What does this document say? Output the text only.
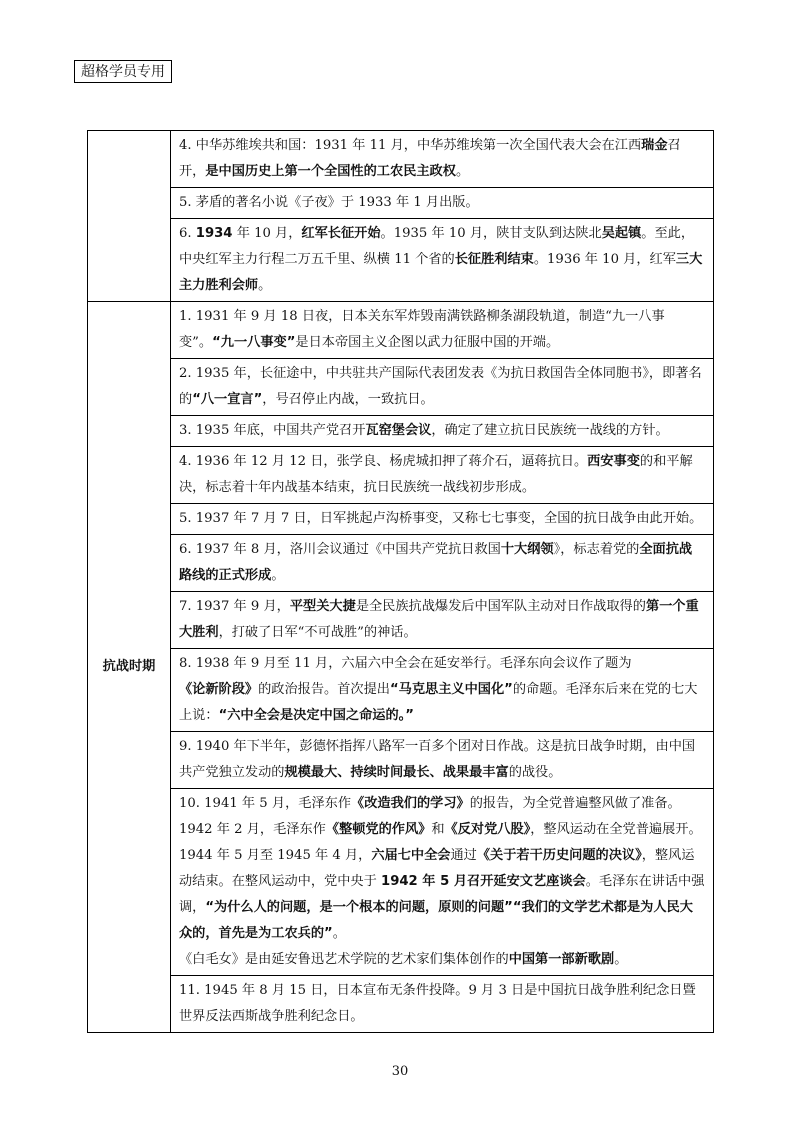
超格学员专用
	4. 中华苏维埃共和国：1931 年 11 月，中华苏维埃第一次全国代表大会在江西瑞金召开，是中国历史上第一个全国性的工农民主政权。
	5. 茅盾的著名小说《子夜》于 1933 年 1 月出版。
	6. 1934 年 10 月，红军长征开始。1935 年 10 月，陕甘支队到达陕北吴起镇。至此，中央红军主力行程二万五千里、纵横 11 个省的长征胜利结束。1936 年 10 月，红军三大主力胜利会师。
抗战时期	1. 1931 年 9 月 18 日夜，日本关东军炸毁南满铁路柳条湖段轨道，制造“九一八事变”。“九一八事变”是日本帝国主义企图以武力征服中国的开端。
	2. 1935 年，长征途中，中共驻共产国际代表团发表《为抗日救国告全体同胞书》，即著名的“八一宣言”，号召停止内战，一致抗日。
	3. 1935 年底，中国共产党召开瓦窑堡会议，确定了建立抗日民族统一战线的方针。
	4. 1936 年 12 月 12 日，张学良、杨虎城扣押了蒋介石，逼蒋抗日。西安事变的和平解决，标志着十年内战基本结束，抗日民族统一战线初步形成。
	5. 1937 年 7 月 7 日，日军挑起卢沟桥事变，又称七七事变，全国的抗日战争由此开始。
	6. 1937 年 8 月，洛川会议通过《中国共产党抗日救国十大纲领》，标志着党的全面抗战路线的正式形成。
	7. 1937 年 9 月，平型关大捷是全民族抗战爆发后中国军队主动对日作战取得的第一个重大胜利，打破了日军“不可战胜”的神话。
	8. 1938 年 9 月至 11 月，六届六中全会在延安举行。毛泽东向会议作了题为《论新阶段》的政治报告。首次提出“马克思主义中国化”的命题。毛泽东后来在党的七大上说：“六中全会是决定中国之命运的。”
	9. 1940 年下半年，彭德怀指挥八路军一百多个团对日作战。这是抗日战争时期，由中国共产党独立发动的规模最大、持续时间最长、战果最丰富的战役。
	10. 1941 年 5 月，毛泽东作《改造我们的学习》的报告，为全党普遍整风做了准备。1942 年 2 月，毛泽东作《整顿党的作风》和《反对党八股》，整风运动在全党普遍展开。1944 年 5 月至 1945 年 4 月，六届七中全会通过《关于若干历史问题的决议》，整风运动结束。在整风运动中，党中央于 1942 年 5 月召开延安文艺座谈会。毛泽东在讲话中强调，“为什么人的问题，是一个根本的问题，原则的问题”“我们的文学艺术都是为人民大众的，首先是为工农兵的”。
《白毛女》是由延安鲁迅艺术学院的艺术家们集体创作的中国第一部新歌剧。
	11. 1945 年 8 月 15 日，日本宣布无条件投降。9 月 3 日是中国抗日战争胜利纪念日暨世界反法西斯战争胜利纪念日。
30
